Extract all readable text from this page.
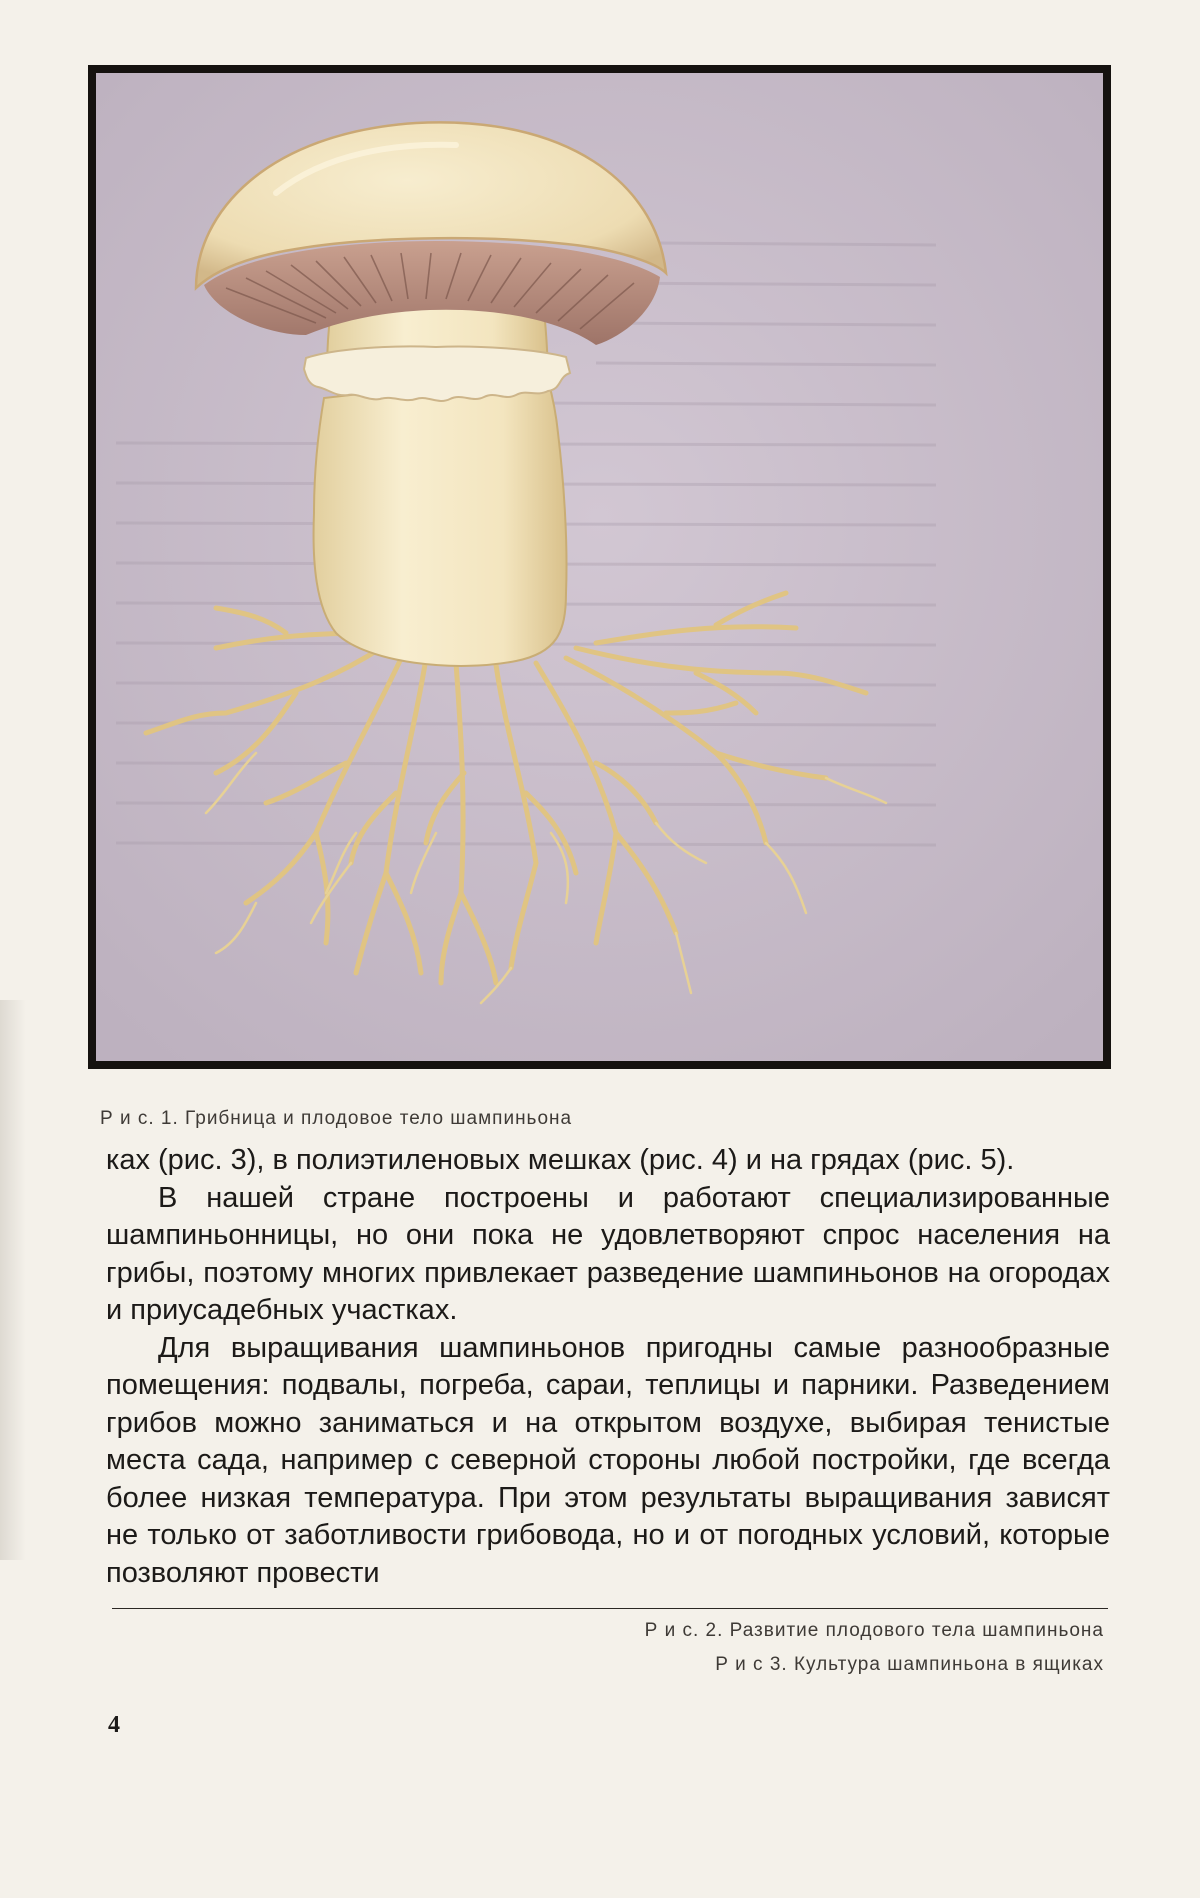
Р и с. 1. Грибница и плодовое тело шампиньона

ках (рис. 3), в полиэтиленовых мешках (рис. 4) и на грядах (рис. 5).

В нашей стране построены и работают специализированные шампиньонницы, но они пока не удовлетворяют спрос населения на грибы, поэтому многих привлекает разведение шампиньонов на огородах и приусадебных участках.

Для выращивания шампиньонов пригодны самые разнообразные помещения: подвалы, погреба, сараи, теплицы и парники. Разведением грибов можно заниматься и на открытом воздухе, выбирая тенистые места сада, например с северной стороны любой постройки, где всегда более низкая температура. При этом результаты выращивания зависят не только от заботливости грибовода, но и от погодных условий, которые позволяют провести

Р и с. 2. Развитие плодового тела шампиньона
Р и с 3. Культура шампиньона в ящиках
4
